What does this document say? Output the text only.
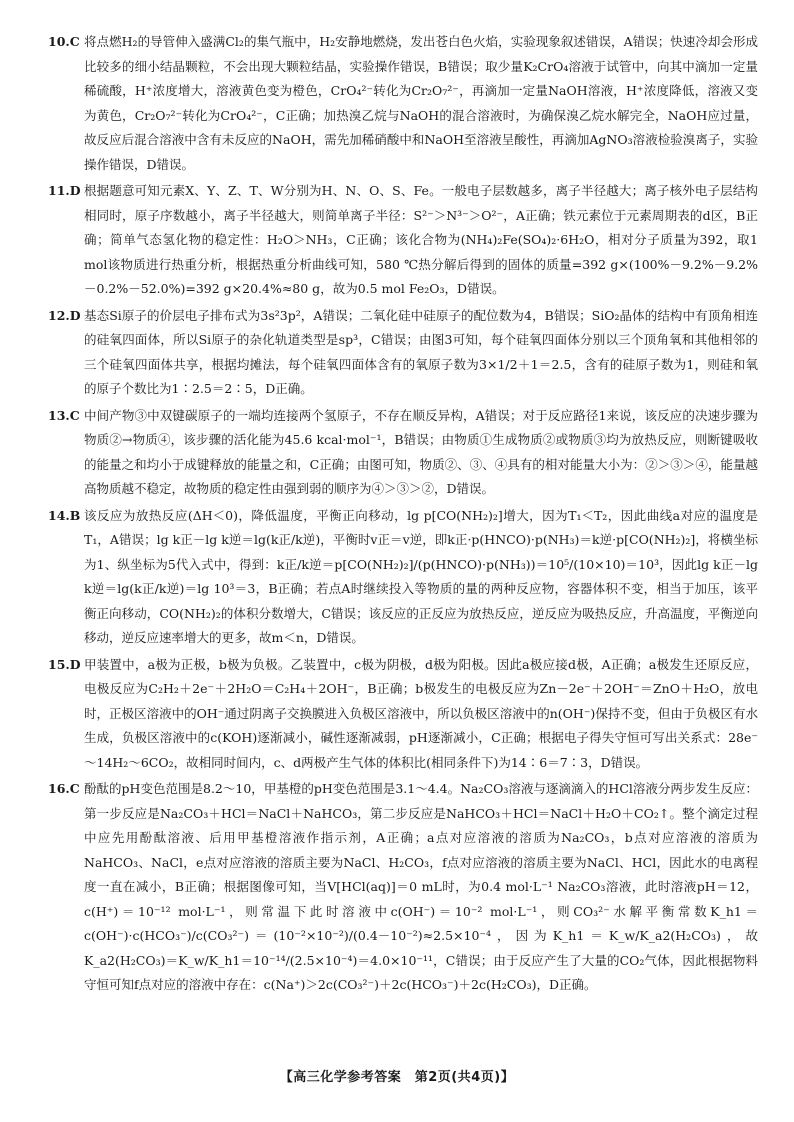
10.C 将点燃H₂的导管伸入盛满Cl₂的集气瓶中，H₂安静地燃烧，发出苍白色火焰，实验现象叙述错误，A错误；快速冷却会形成比较多的细小结晶颗粒，不会出现大颗粒结晶，实验操作错误，B错误；取少量K₂CrO₄溶液于试管中，向其中滴加一定量稀硫酸，H⁺浓度增大，溶液黄色变为橙色，CrO₄²⁻转化为Cr₂O₇²⁻，再滴加一定量NaOH溶液，H⁺浓度降低，溶液又变为黄色，Cr₂O₇²⁻转化为CrO₄²⁻，C正确；加热溴乙烷与NaOH的混合溶液时，为确保溴乙烷水解完全，NaOH应过量，故反应后混合溶液中含有未反应的NaOH，需先加稀硝酸中和NaOH至溶液呈酸性，再滴加AgNO₃溶液检验溴离子，实验操作错误，D错误。
11.D 根据题意可知元素X、Y、Z、T、W分别为H、N、O、S、Fe。一般电子层数越多，离子半径越大；离子核外电子层结构相同时，原子序数越小，离子半径越大，则简单离子半径：S²⁻＞N³⁻＞O²⁻，A正确；铁元素位于元素周期表的d区，B正确；简单气态氢化物的稳定性：H₂O＞NH₃，C正确；该化合物为(NH₄)₂Fe(SO₄)₂·6H₂O，相对分子质量为392，取1 mol该物质进行热重分析，根据热重分析曲线可知，580 ℃热分解后得到的固体的质量=392 g×(100%－9.2%－9.2%－0.2%－52.0%)=392 g×20.4%≈80 g，故为0.5 mol Fe₂O₃，D错误。
12.D 基态Si原子的价层电子排布式为3s²3p²，A错误；二氧化硅中硅原子的配位数为4，B错误；SiO₂晶体的结构中有顶角相连的硅氧四面体，所以Si原子的杂化轨道类型是sp³，C错误；由图3可知，每个硅氧四面体分别以三个顶角氧和其他相邻的三个硅氧四面体共享，根据均摊法，每个硅氧四面体含有的氧原子数为3×1/2＋1＝2.5，含有的硅原子数为1，则硅和氧的原子个数比为1∶2.5＝2∶5，D正确。
13.C 中间产物③中双键碳原子的一端均连接两个氢原子，不存在顺反异构，A错误；对于反应路径1来说，该反应的决速步骤为物质②→物质④，该步骤的活化能为45.6 kcal·mol⁻¹，B错误；由物质①生成物质②或物质③均为放热反应，则断键吸收的能量之和均小于成键释放的能量之和，C正确；由图可知，物质②、③、④具有的相对能量大小为：②＞③＞④，能量越高物质越不稳定，故物质的稳定性由强到弱的顺序为④＞③＞②，D错误。
14.B 该反应为放热反应(ΔH＜0)，降低温度，平衡正向移动，lg p[CO(NH₂)₂]增大，因为T₁＜T₂，因此曲线a对应的温度是T₁，A错误；lg k正－lg k逆＝lg(k正/k逆)，平衡时v正＝v逆，即k正·p(HNCO)·p(NH₃)＝k逆·p[CO(NH₂)₂]，将横坐标为1、纵坐标为5代入式中，得到：k正/k逆＝p[CO(NH₂)₂]/(p(HNCO)·p(NH₃))＝10⁵/(10×10)＝10³，因此lg k正－lg k逆＝lg(k正/k逆)＝lg 10³＝3，B正确；若点A时继续投入等物质的量的两种反应物，容器体积不变，相当于加压，该平衡正向移动，CO(NH₂)₂的体积分数增大，C错误；该反应的正反应为放热反应，逆反应为吸热反应，升高温度，平衡逆向移动，逆反应速率增大的更多，故m＜n，D错误。
15.D 甲装置中，a极为正极，b极为负极。乙装置中，c极为阴极，d极为阳极。因此a极应接d极，A正确；a极发生还原反应，电极反应为C₂H₂＋2e⁻＋2H₂O＝C₂H₄＋2OH⁻，B正确；b极发生的电极反应为Zn－2e⁻＋2OH⁻＝ZnO＋H₂O，放电时，正极区溶液中的OH⁻通过阴离子交换膜进入负极区溶液中，所以负极区溶液中的n(OH⁻)保持不变，但由于负极区有水生成，负极区溶液中的c(KOH)逐渐减小，碱性逐渐减弱，pH逐渐减小，C正确；根据电子得失守恒可写出关系式：28e⁻～14H₂～6CO₂，故相同时间内，c、d两极产生气体的体积比(相同条件下)为14∶6＝7∶3，D错误。
16.C 酚酞的pH变色范围是8.2～10，甲基橙的pH变色范围是3.1～4.4。Na₂CO₃溶液与逐滴滴入的HCl溶液分两步发生反应：第一步反应是Na₂CO₃＋HCl＝NaCl＋NaHCO₃，第二步反应是NaHCO₃＋HCl＝NaCl＋H₂O＋CO₂↑。整个滴定过程中应先用酚酞溶液、后用甲基橙溶液作指示剂，A正确；a点对应溶液的溶质为Na₂CO₃，b点对应溶液的溶质为NaHCO₃、NaCl，e点对应溶液的溶质主要为NaCl、H₂CO₃，f点对应溶液的溶质主要为NaCl、HCl，因此水的电离程度一直在减小，B正确；根据图像可知，当V[HCl(aq)]＝0 mL时，为0.4 mol·L⁻¹ Na₂CO₃溶液，此时溶液pH＝12，c(H⁺)＝10⁻¹² mol·L⁻¹，则常温下此时溶液中c(OH⁻)＝10⁻² mol·L⁻¹，则CO₃²⁻水解平衡常数K_h1＝c(OH⁻)·c(HCO₃⁻)/c(CO₃²⁻)＝(10⁻²×10⁻²)/(0.4－10⁻²)≈2.5×10⁻⁴，因为K_h1＝K_w/K_a2(H₂CO₃)，故K_a2(H₂CO₃)＝K_w/K_h1＝10⁻¹⁴/(2.5×10⁻⁴)＝4.0×10⁻¹¹，C错误；由于反应产生了大量的CO₂气体，因此根据物料守恒可知f点对应的溶液中存在：c(Na⁺)＞2c(CO₃²⁻)＋2c(HCO₃⁻)＋2c(H₂CO₃)，D正确。
【高三化学参考答案　第2页(共4页)】
